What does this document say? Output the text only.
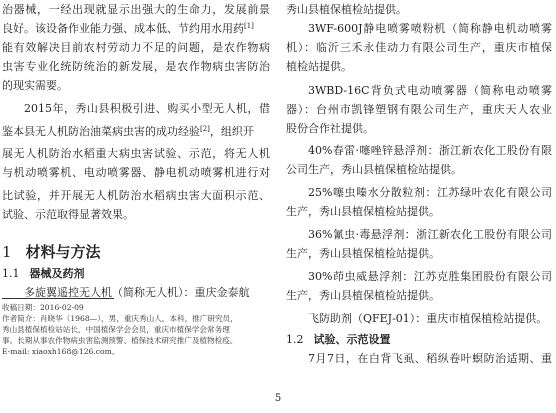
治器械，一经出现就显示出强大的生命力，发展前景
良好。该设备作业能力强、成本低、节约用水用药[1]
能有效解决目前农村劳动力不足的问题，是农作物病
虫害专业化统防统治的新发展，是农作物病虫害防治
的现实需要。
2015年，秀山县积极引进、购买小型无人机，借
鉴本县无人机防治油菜病虫害的成功经验[2]，组织开
展无人机防治水稻重大病虫害试验、示范，将无人机
与机动喷雾机、电动喷雾器、静电机动喷雾机进行对
比试验，并开展无人机防治水稻病虫害大面积示范、
试验、示范取得显著效果。
1 材料与方法
1.1 器械及药剂
多旋翼遥控无人机（简称无人机）：重庆金泰航
收稿日期：2016-02-09
作者简介：肖晓华（1968—），男，重庆秀山人，本科，推广研究员，
秀山县植保植检站站长，中国植保学会会员，重庆市植保学会常务理
事。长期从事农作物病虫害监测预警、植保技术研究推广及植物检疫。
E-mail: xiaoxh168@126.com。
秀山县植保植检站提供。
3WF-600J静电喷雾喷粉机（简称静电机动喷雾
机）：临沂三禾永佳动力有限公司生产，重庆市植保
植检站提供。
3WBD-16C背负式电动喷雾器（简称电动喷雾
器）：台州市凯锋塑钢有限公司生产，重庆天人农业
股份合作社提供。
40%春雷·噻唑锌悬浮剂：浙江新农化工股份有限
公司生产，秀山县植保植检站提供。
25%噻虫嗪水分散粒剂：江苏绿叶农化有限公司
生产，秀山县植保植检站提供。
36%氰虫·毒悬浮剂：浙江新农化工股份有限公司
生产，秀山县植保植检站提供。
30%茚虫威悬浮剂：江苏克胜集团股份有限公司
生产，秀山县植保植检站提供。
飞防助剂（QFEJ-01）：重庆市植保植检站提供。
1.2 试验、示范设置
7月7日，在白背飞虱、稻纵卷叶螟防治适期、重
5
